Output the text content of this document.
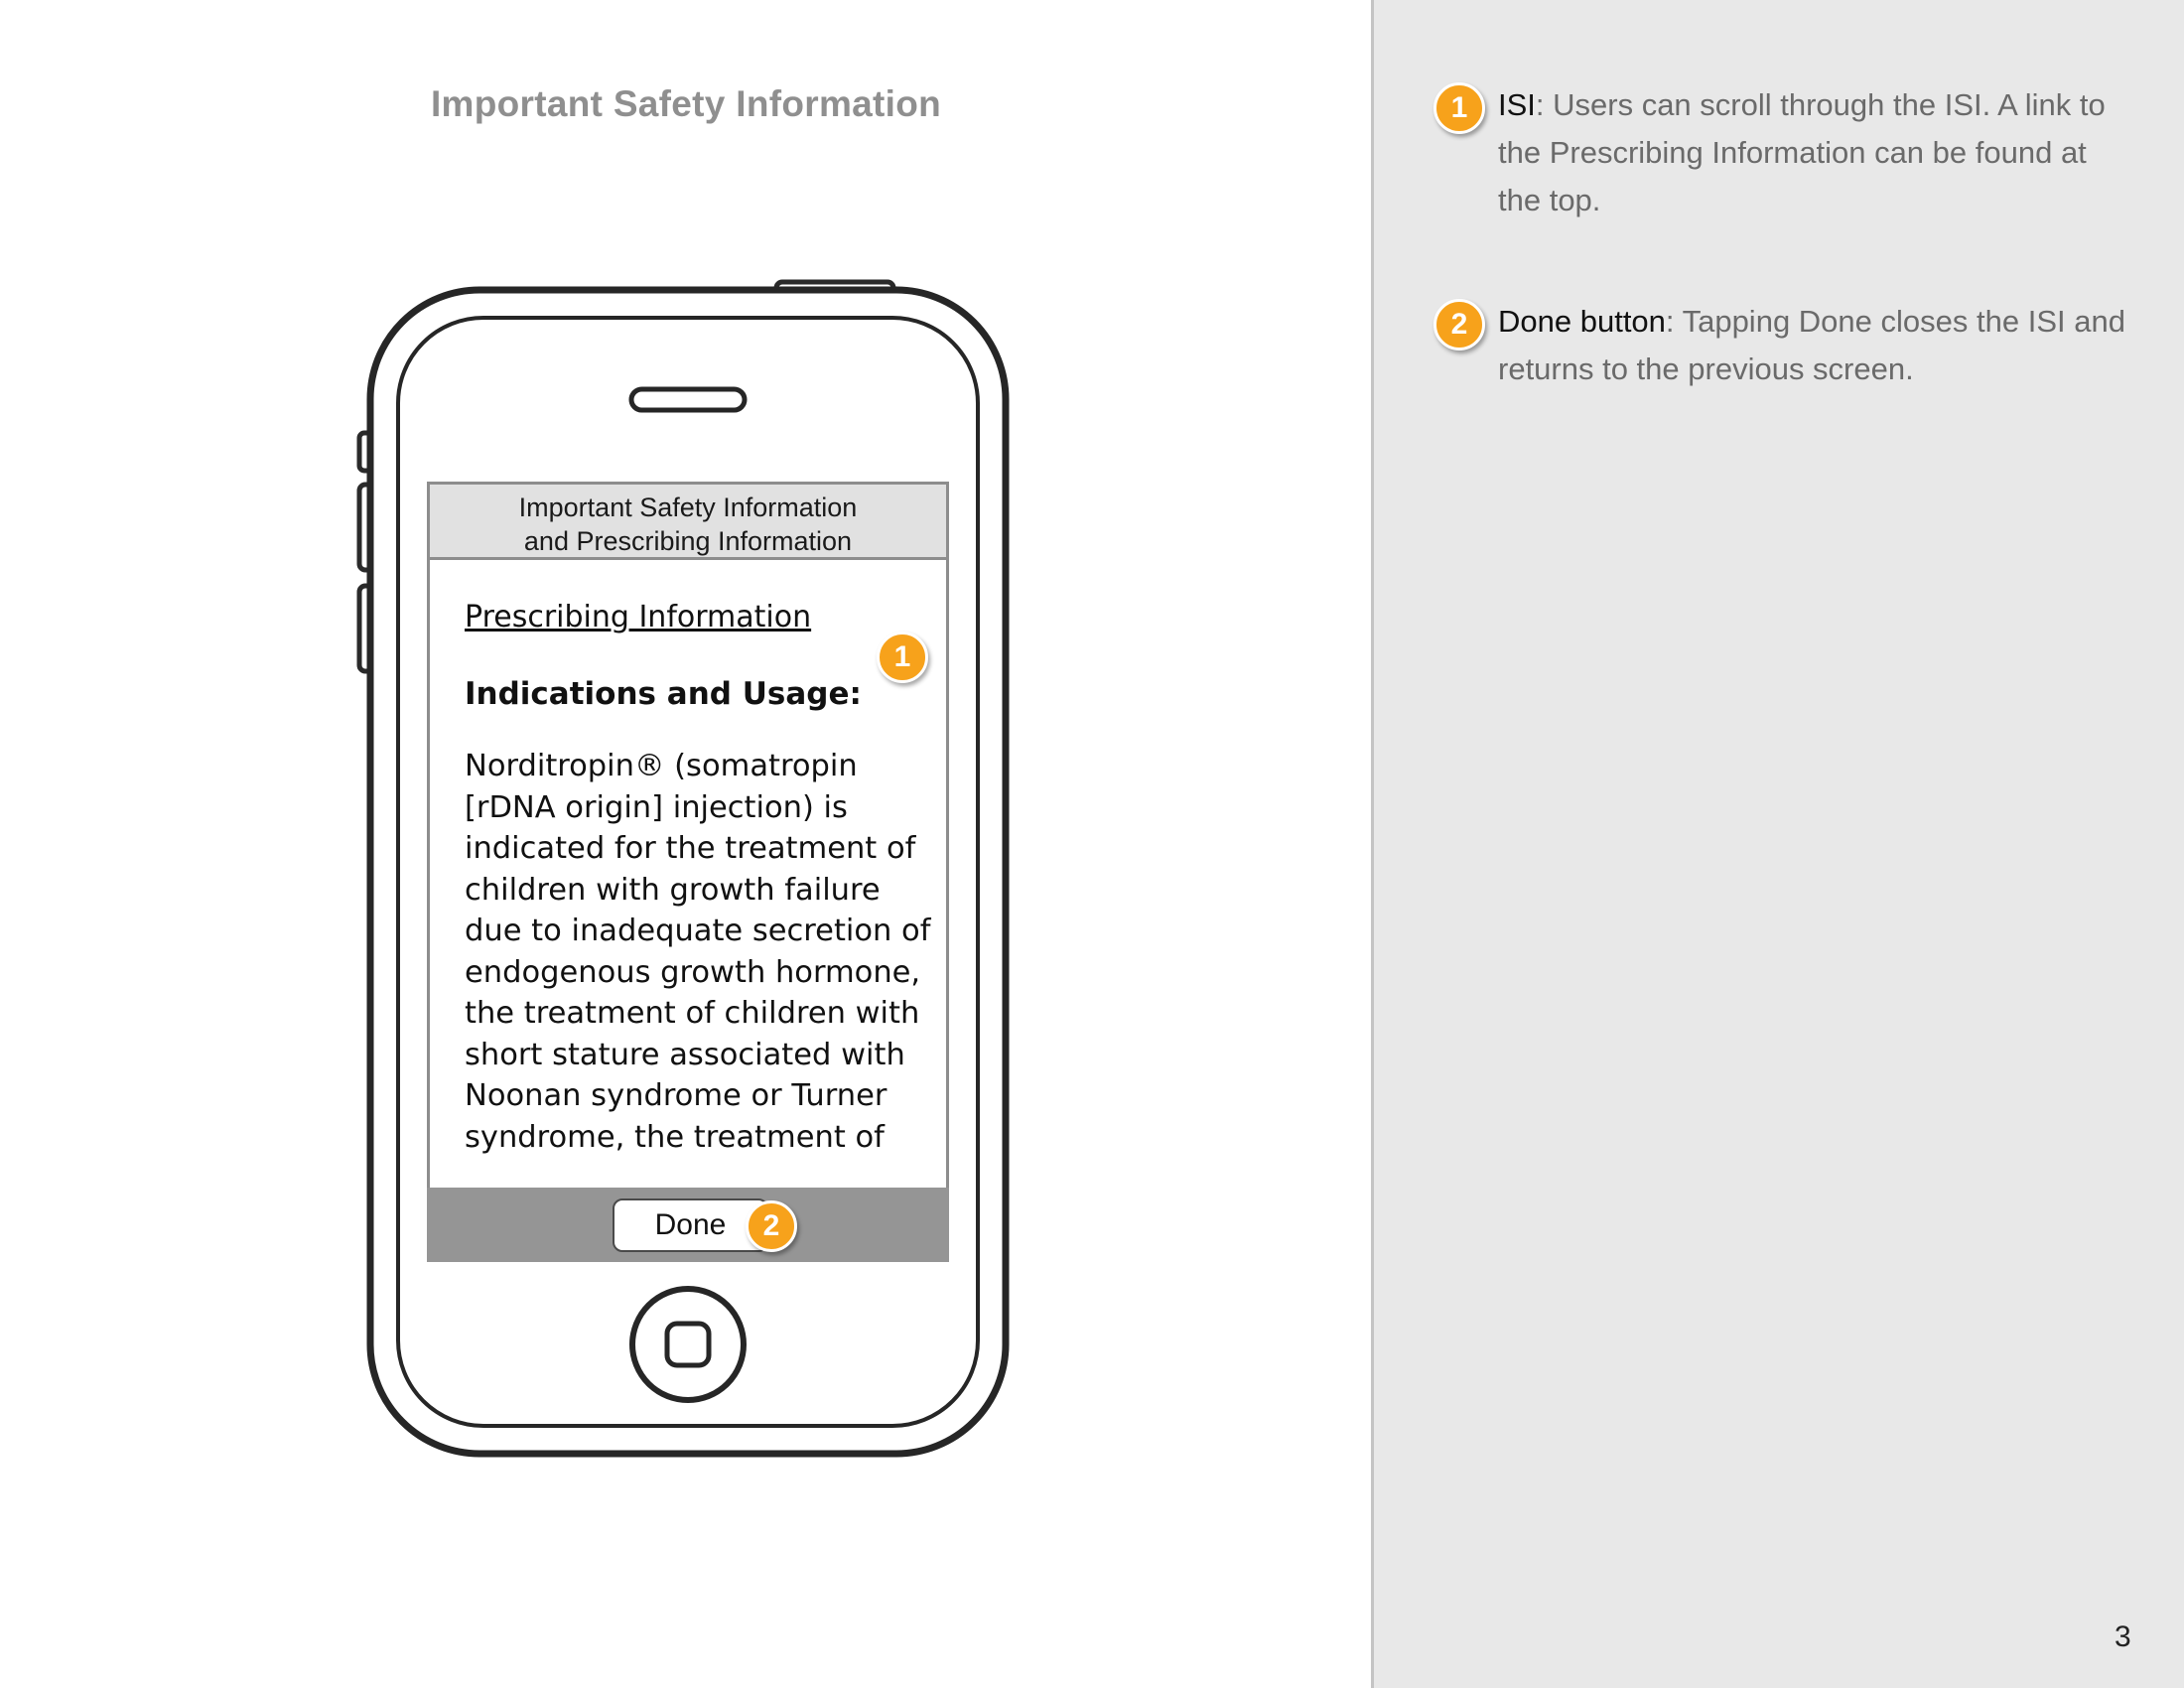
Important Safety Information
Important Safety Information
and Prescribing Information
Prescribing Information
Indications and Usage:
Norditropin® (somatropin [rDNA origin] injection) is indicated for the treatment of children with growth failure due to inadequate secretion of endogenous growth hormone, the treatment of children with short stature associated with Noonan syndrome or Turner syndrome, the treatment of
Done
1
2
1 ISI: Users can scroll through the ISI. A link to the Prescribing Information can be found at the top.
2 Done button: Tapping Done closes the ISI and returns to the previous screen.
3
